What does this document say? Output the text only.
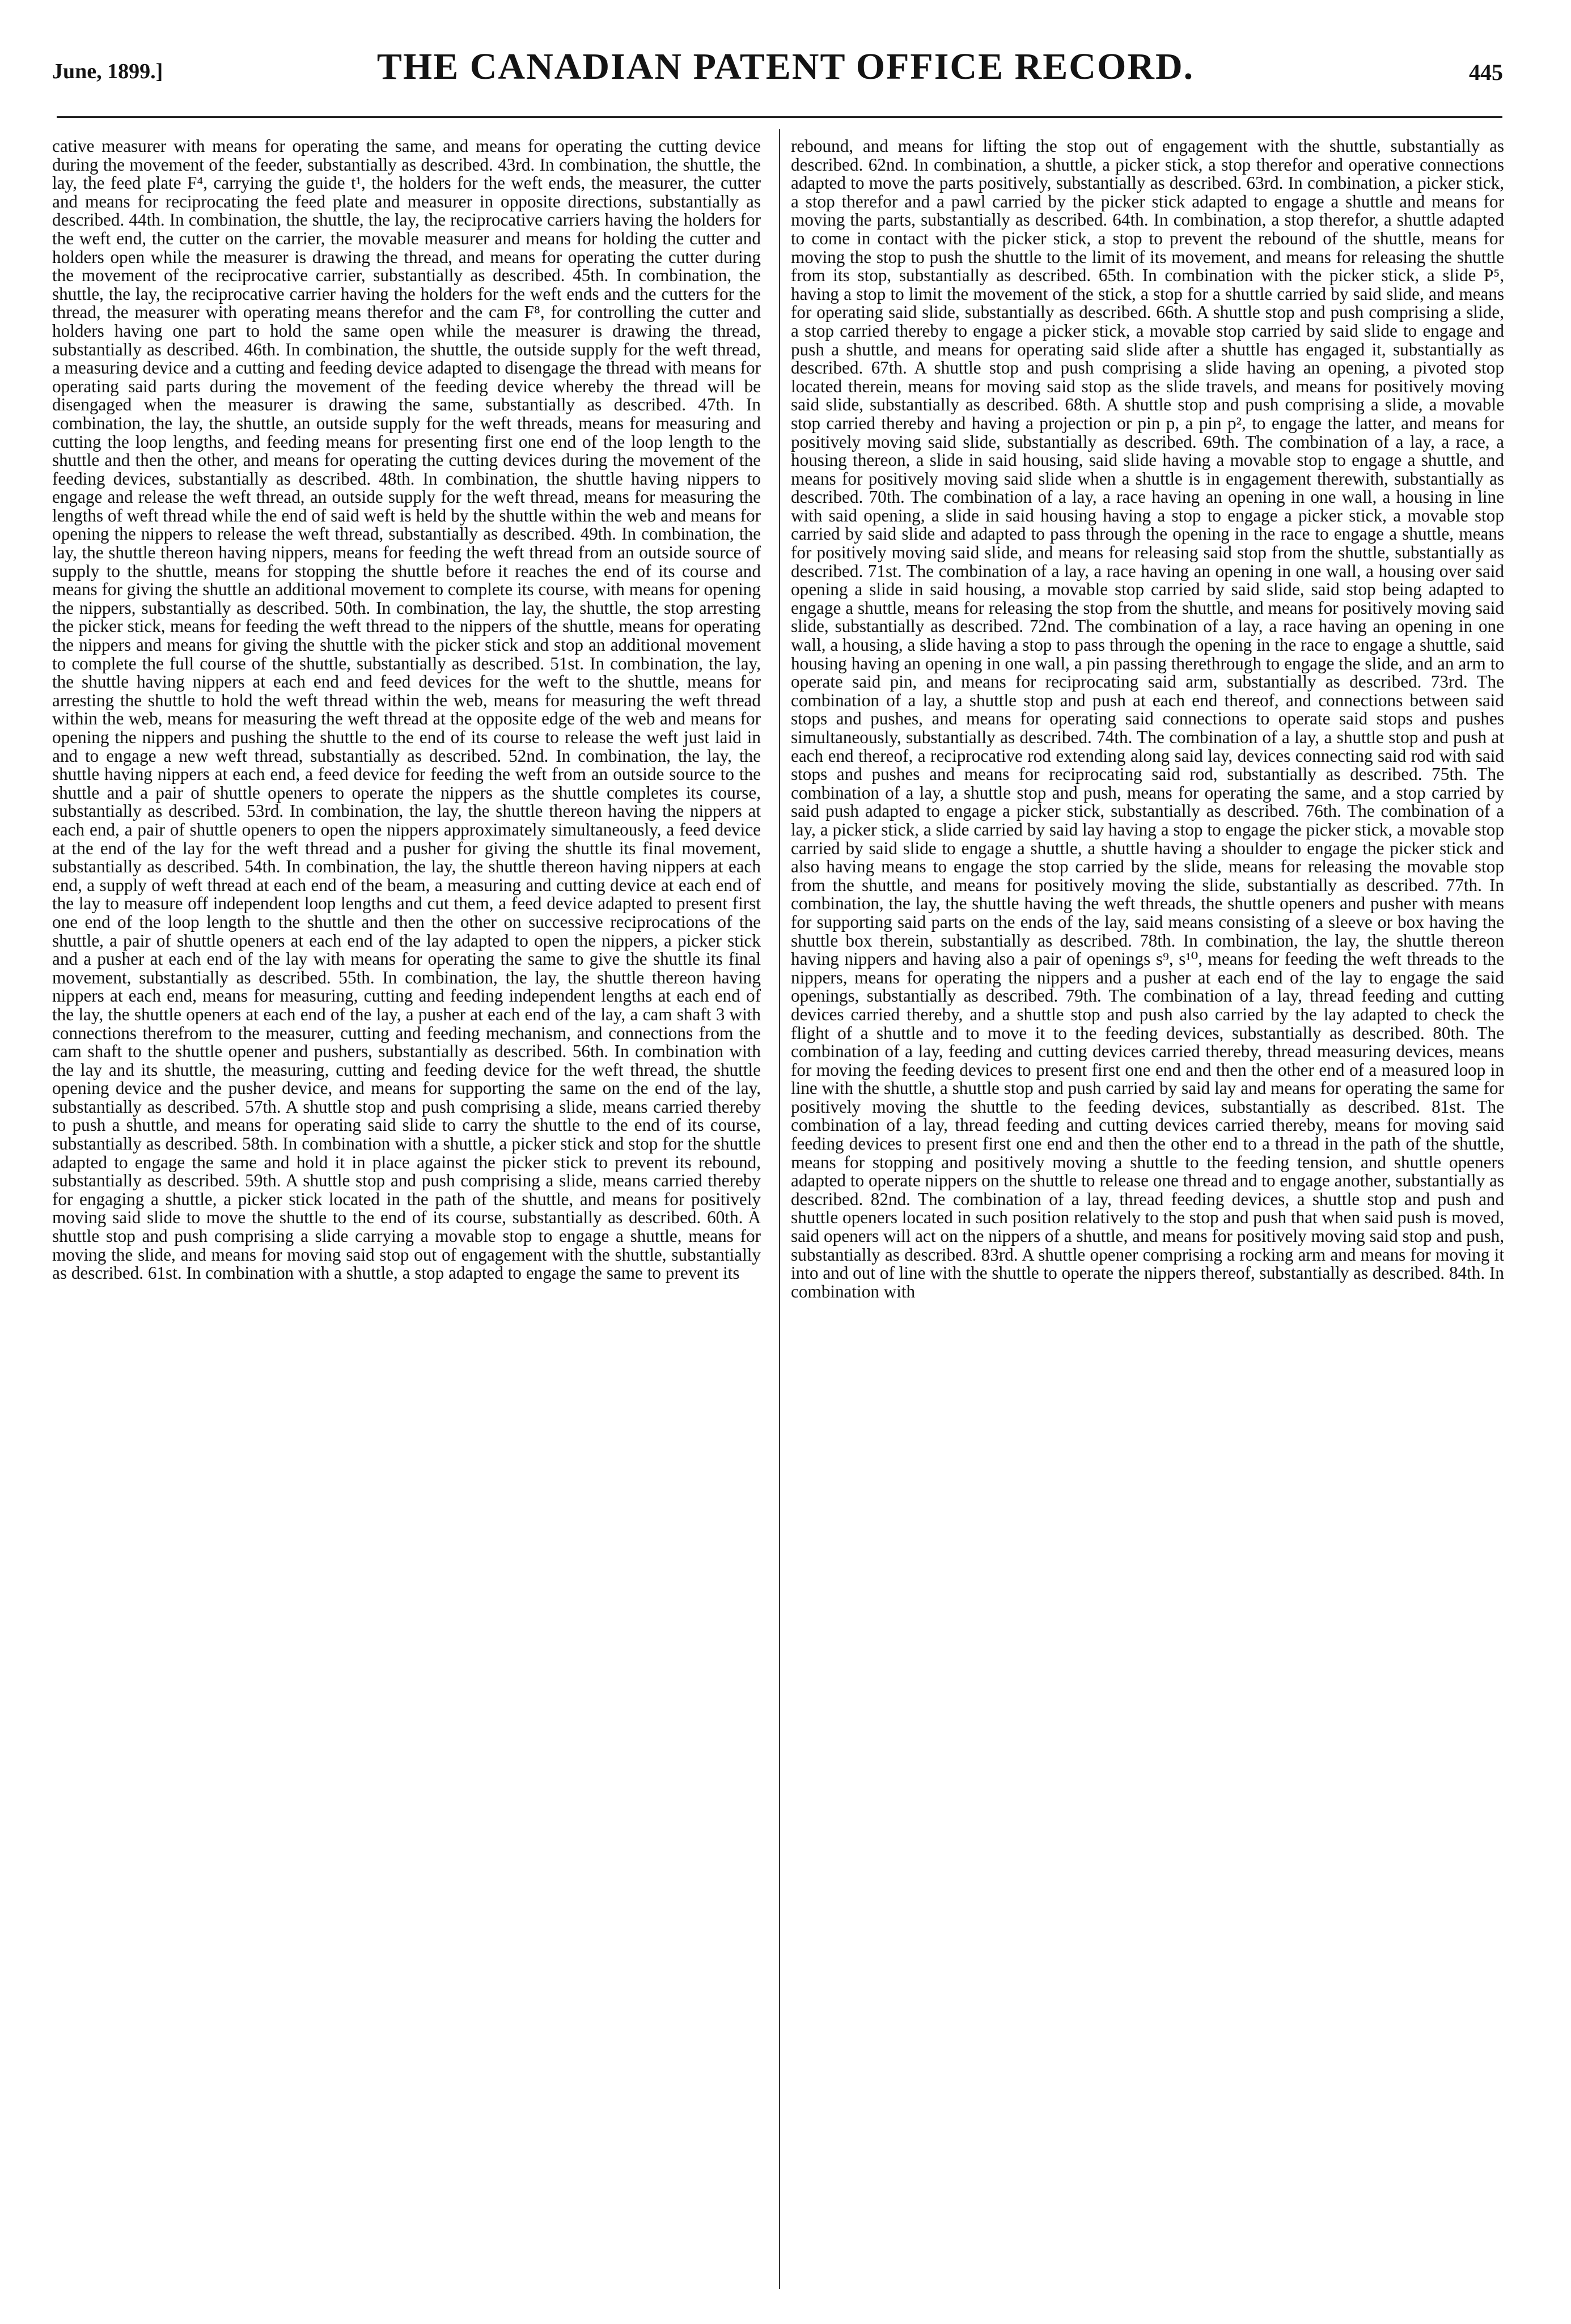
June, 1899.]	THE CANADIAN PATENT OFFICE RECORD.	445

cative measurer with means for operating the same, and means for operating the cutting device during the movement of the feeder, substantially as described. 43rd. In combination, the shuttle, the lay, the feed plate F⁴, carrying the guide t¹, the holders for the weft ends, the measurer, the cutter and means for reciprocating the feed plate and measurer in opposite directions, substantially as described. 44th. In combination, the shuttle, the lay, the reciprocative carriers having the holders for the weft end, the cutter on the carrier, the movable measurer and means for holding the cutter and holders open while the measurer is drawing the thread, and means for operating the cutter during the movement of the reciprocative carrier, substantially as described. 45th. In combination, the shuttle, the lay, the reciprocative carrier having the holders for the weft ends and the cutters for the thread, the measurer with operating means therefor and the cam F⁸, for controlling the cutter and holders having one part to hold the same open while the measurer is drawing the thread, substantially as described. 46th. In combination, the shuttle, the outside supply for the weft thread, a measuring device and a cutting and feeding device adapted to disengage the thread with means for operating said parts during the movement of the feeding device whereby the thread will be disengaged when the measurer is drawing the same, substantially as described. 47th. In combination, the lay, the shuttle, an outside supply for the weft threads, means for measuring and cutting the loop lengths, and feeding means for presenting first one end of the loop length to the shuttle and then the other, and means for operating the cutting devices during the movement of the feeding devices, substantially as described. 48th. In combination, the shuttle having nippers to engage and release the weft thread, an outside supply for the weft thread, means for measuring the lengths of weft thread while the end of said weft is held by the shuttle within the web and means for opening the nippers to release the weft thread, substantially as described. 49th. In combination, the lay, the shuttle thereon having nippers, means for feeding the weft thread from an outside source of supply to the shuttle, means for stopping the shuttle before it reaches the end of its course and means for giving the shuttle an additional movement to complete its course, with means for opening the nippers, substantially as described. 50th. In combination, the lay, the shuttle, the stop arresting the picker stick, means for feeding the weft thread to the nippers of the shuttle, means for operating the nippers and means for giving the shuttle with the picker stick and stop an additional movement to complete the full course of the shuttle, substantially as described. 51st. In combination, the lay, the shuttle having nippers at each end and feed devices for the weft to the shuttle, means for arresting the shuttle to hold the weft thread within the web, means for measuring the weft thread within the web, means for measuring the weft thread at the opposite edge of the web and means for opening the nippers and pushing the shuttle to the end of its course to release the weft just laid in and to engage a new weft thread, substantially as described. 52nd. In combination, the lay, the shuttle having nippers at each end, a feed device for feeding the weft from an outside source to the shuttle and a pair of shuttle openers to operate the nippers as the shuttle completes its course, substantially as described. 53rd. In combination, the lay, the shuttle thereon having the nippers at each end, a pair of shuttle openers to open the nippers approximately simultaneously, a feed device at the end of the lay for the weft thread and a pusher for giving the shuttle its final movement, substantially as described. 54th. In combination, the lay, the shuttle thereon having nippers at each end, a supply of weft thread at each end of the beam, a measuring and cutting device at each end of the lay to measure off independent loop lengths and cut them, a feed device adapted to present first one end of the loop length to the shuttle and then the other on successive reciprocations of the shuttle, a pair of shuttle openers at each end of the lay adapted to open the nippers, a picker stick and a pusher at each end of the lay with means for operating the same to give the shuttle its final movement, substantially as described. 55th. In combination, the lay, the shuttle thereon having nippers at each end, means for measuring, cutting and feeding independent lengths at each end of the lay, the shuttle openers at each end of the lay, a pusher at each end of the lay, a cam shaft 3 with connections therefrom to the measurer, cutting and feeding mechanism, and connections from the cam shaft to the shuttle opener and pushers, substantially as described. 56th. In combination with the lay and its shuttle, the measuring, cutting and feeding device for the weft thread, the shuttle opening device and the pusher device, and means for supporting the same on the end of the lay, substantially as described. 57th. A shuttle stop and push comprising a slide, means carried thereby to push a shuttle, and means for operating said slide to carry the shuttle to the end of its course, substantially as described. 58th. In combination with a shuttle, a picker stick and stop for the shuttle adapted to engage the same and hold it in place against the picker stick to prevent its rebound, substantially as described. 59th. A shuttle stop and push comprising a slide, means carried thereby for engaging a shuttle, a picker stick located in the path of the shuttle, and means for positively moving said slide to move the shuttle to the end of its course, substantially as described. 60th. A shuttle stop and push comprising a slide carrying a movable stop to engage a shuttle, means for moving the slide, and means for moving said stop out of engagement with the shuttle, substantially as described. 61st. In combination with a shuttle, a stop adapted to engage the same to prevent its

rebound, and means for lifting the stop out of engagement with the shuttle, substantially as described. 62nd. In combination, a shuttle, a picker stick, a stop therefor and operative connections adapted to move the parts positively, substantially as described. 63rd. In combination, a picker stick, a stop therefor and a pawl carried by the picker stick adapted to engage a shuttle and means for moving the parts, substantially as described. 64th. In combination, a stop therefor, a shuttle adapted to come in contact with the picker stick, a stop to prevent the rebound of the shuttle, means for moving the stop to push the shuttle to the limit of its movement, and means for releasing the shuttle from its stop, substantially as described. 65th. In combination with the picker stick, a slide P⁵, having a stop to limit the movement of the stick, a stop for a shuttle carried by said slide, and means for operating said slide, substantially as described. 66th. A shuttle stop and push comprising a slide, a stop carried thereby to engage a picker stick, a movable stop carried by said slide to engage and push a shuttle, and means for operating said slide after a shuttle has engaged it, substantially as described. 67th. A shuttle stop and push comprising a slide having an opening, a pivoted stop located therein, means for moving said stop as the slide travels, and means for positively moving said slide, substantially as described. 68th. A shuttle stop and push comprising a slide, a movable stop carried thereby and having a projection or pin p, a pin p², to engage the latter, and means for positively moving said slide, substantially as described. 69th. The combination of a lay, a race, a housing thereon, a slide in said housing, said slide having a movable stop to engage a shuttle, and means for positively moving said slide when a shuttle is in engagement therewith, substantially as described. 70th. The combination of a lay, a race having an opening in one wall, a housing in line with said opening, a slide in said housing having a stop to engage a picker stick, a movable stop carried by said slide and adapted to pass through the opening in the race to engage a shuttle, means for positively moving said slide, and means for releasing said stop from the shuttle, substantially as described. 71st. The combination of a lay, a race having an opening in one wall, a housing over said opening a slide in said housing, a movable stop carried by said slide, said stop being adapted to engage a shuttle, means for releasing the stop from the shuttle, and means for positively moving said slide, substantially as described. 72nd. The combination of a lay, a race having an opening in one wall, a housing, a slide having a stop to pass through the opening in the race to engage a shuttle, said housing having an opening in one wall, a pin passing therethrough to engage the slide, and an arm to operate said pin, and means for reciprocating said arm, substantially as described. 73rd. The combination of a lay, a shuttle stop and push at each end thereof, and connections between said stops and pushes, and means for operating said connections to operate said stops and pushes simultaneously, substantially as described. 74th. The combination of a lay, a shuttle stop and push at each end thereof, a reciprocative rod extending along said lay, devices connecting said rod with said stops and pushes and means for reciprocating said rod, substantially as described. 75th. The combination of a lay, a shuttle stop and push, means for operating the same, and a stop carried by said push adapted to engage a picker stick, substantially as described. 76th. The combination of a lay, a picker stick, a slide carried by said lay having a stop to engage the picker stick, a movable stop carried by said slide to engage a shuttle, a shuttle having a shoulder to engage the picker stick and also having means to engage the stop carried by the slide, means for releasing the movable stop from the shuttle, and means for positively moving the slide, substantially as described. 77th. In combination, the lay, the shuttle having the weft threads, the shuttle openers and pusher with means for supporting said parts on the ends of the lay, said means consisting of a sleeve or box having the shuttle box therein, substantially as described. 78th. In combination, the lay, the shuttle thereon having nippers and having also a pair of openings s⁹, s¹⁰, means for feeding the weft threads to the nippers, means for operating the nippers and a pusher at each end of the lay to engage the said openings, substantially as described. 79th. The combination of a lay, thread feeding and cutting devices carried thereby, and a shuttle stop and push also carried by the lay adapted to check the flight of a shuttle and to move it to the feeding devices, substantially as described. 80th. The combination of a lay, feeding and cutting devices carried thereby, thread measuring devices, means for moving the feeding devices to present first one end and then the other end of a measured loop in line with the shuttle, a shuttle stop and push carried by said lay and means for operating the same for positively moving the shuttle to the feeding devices, substantially as described. 81st. The combination of a lay, thread feeding and cutting devices carried thereby, means for moving said feeding devices to present first one end and then the other end to a thread in the path of the shuttle, means for stopping and positively moving a shuttle to the feeding tension, and shuttle openers adapted to operate nippers on the shuttle to release one thread and to engage another, substantially as described. 82nd. The combination of a lay, thread feeding devices, a shuttle stop and push and shuttle openers located in such position relatively to the stop and push that when said push is moved, said openers will act on the nippers of a shuttle, and means for positively moving said stop and push, substantially as described. 83rd. A shuttle opener comprising a rocking arm and means for moving it into and out of line with the shuttle to operate the nippers thereof, substantially as described. 84th. In combination with
